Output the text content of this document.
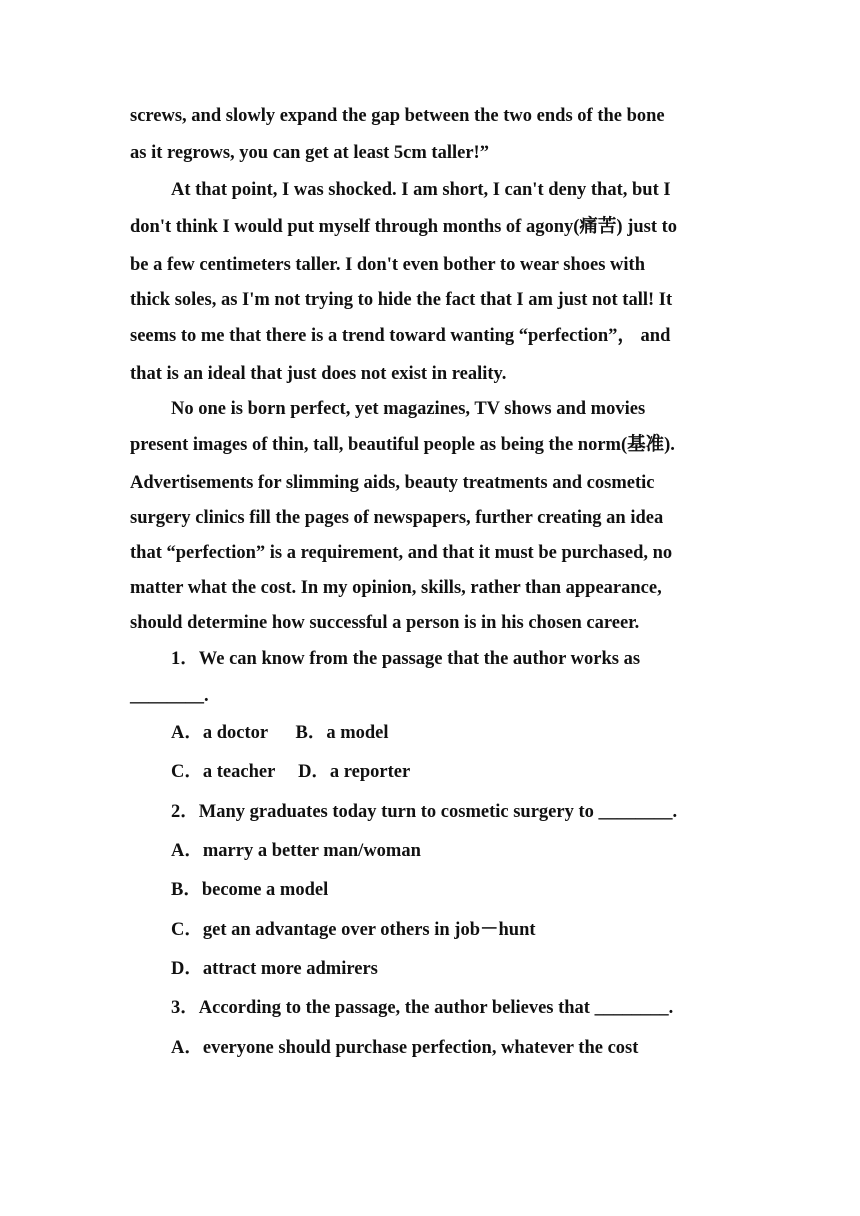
screws, and slowly expand the gap between the two ends of the bone
as it regrows, you can get at least 5cm taller!”
At that point, I was shocked. I am short, I can't deny that, but I
don't think I would put myself through months of agony(痛苦) just to
be a few centimeters taller. I don't even bother to wear shoes with
thick soles, as I'm not trying to hide the fact that I am just not tall! It
seems to me that there is a trend toward wanting “perfection”， and
that is an ideal that just does not exist in reality.
No one is born perfect, yet magazines, TV shows and movies
present images of thin, tall, beautiful people as being the norm(基准).
Advertisements for slimming aids, beauty treatments and cosmetic
surgery clinics fill the pages of newspapers, further creating an idea
that “perfection” is a requirement, and that it must be purchased, no
matter what the cost. In my opinion, skills, rather than appearance,
should determine how successful a person is in his chosen career.
1．We can know from the passage that the author works as
________.
A．a doctor      B．a model
C．a teacher     D．a reporter
2．Many graduates today turn to cosmetic surgery to ________.
A．marry a better man/woman
B．become a model
C．get an advantage over others in job－hunt
D．attract more admirers
3．According to the passage, the author believes that ________.
A．everyone should purchase perfection, whatever the cost
